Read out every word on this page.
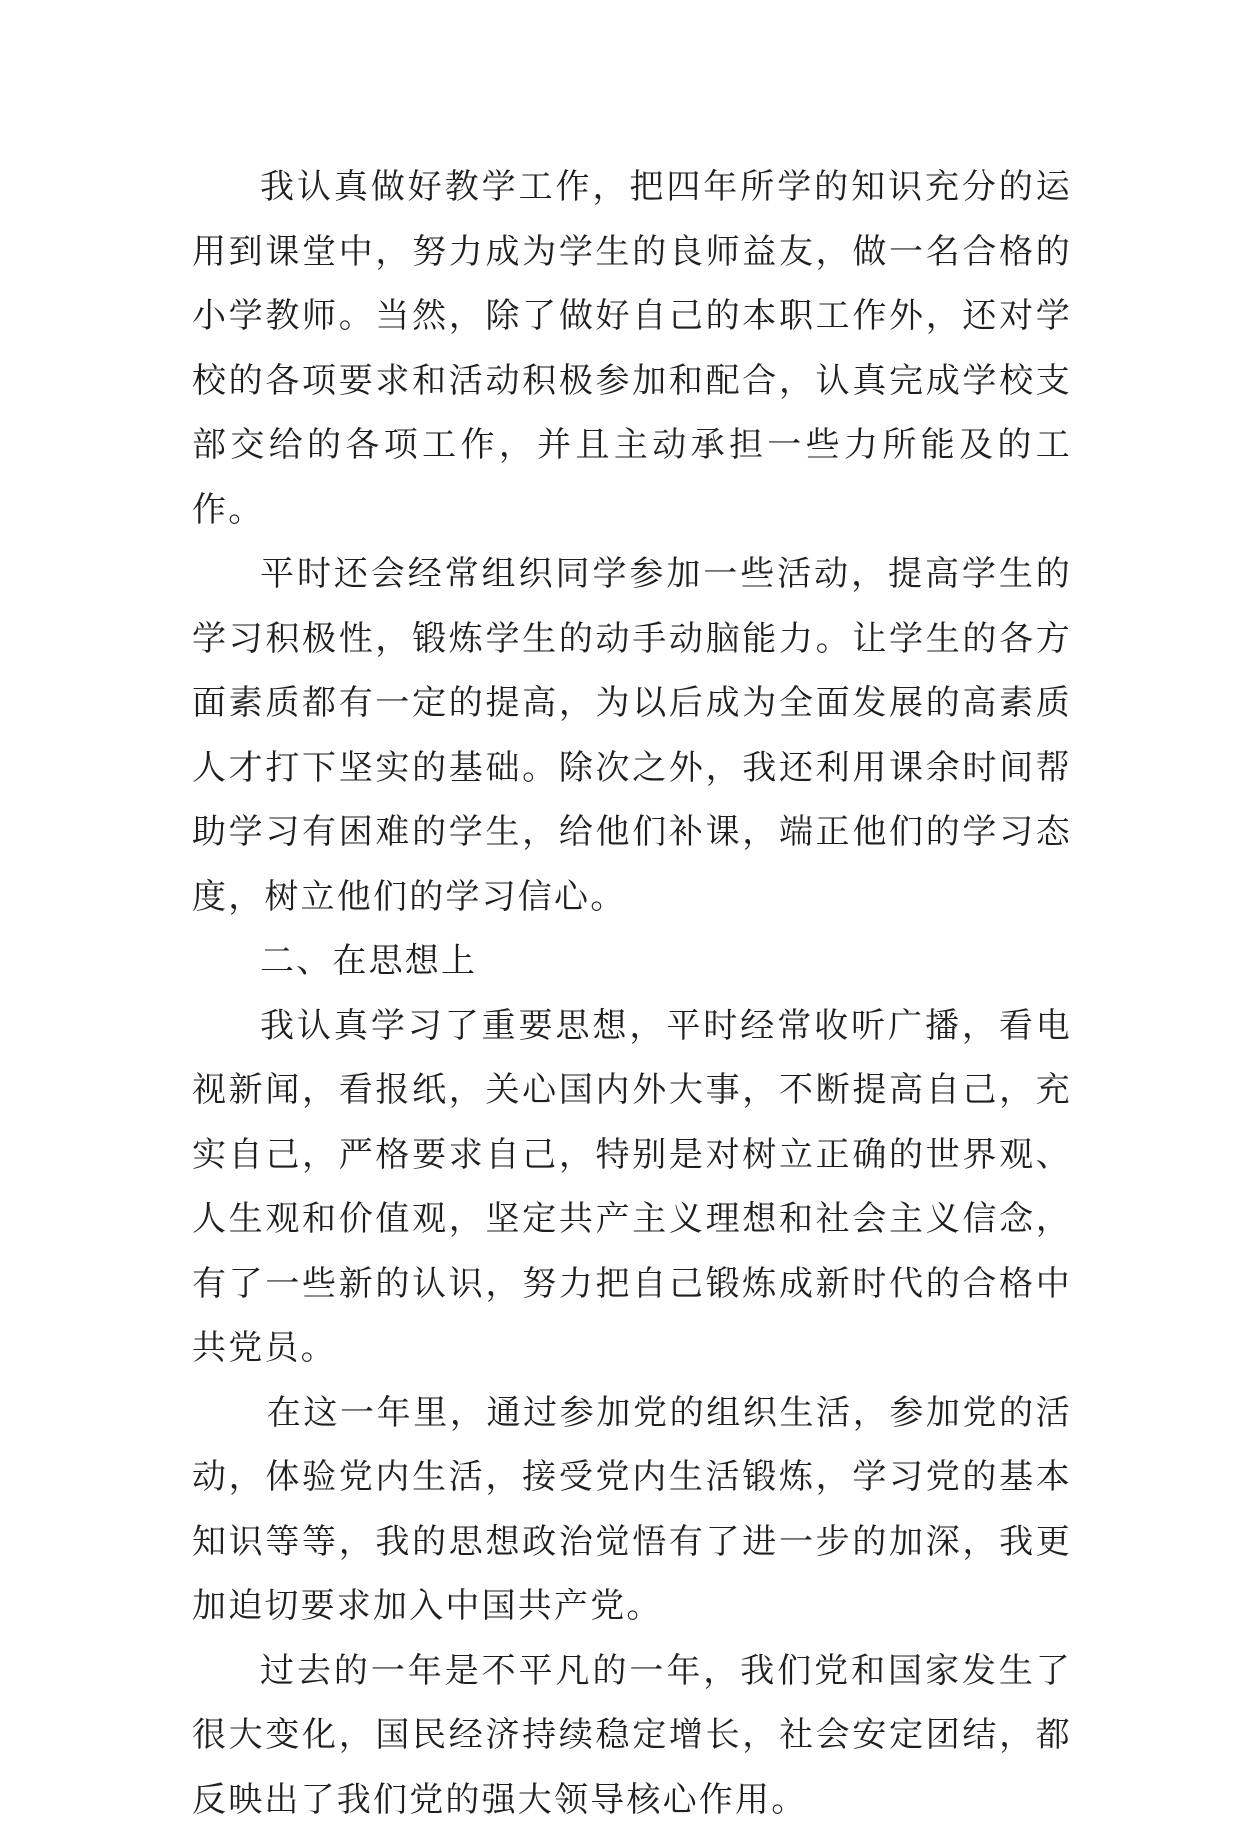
我认真做好教学工作，把四年所学的知识充分的运用到课堂中，努力成为学生的良师益友，做一名合格的小学教师。当然，除了做好自己的本职工作外，还对学校的各项要求和活动积极参加和配合，认真完成学校支部交给的各项工作，并且主动承担一些力所能及的工作。

平时还会经常组织同学参加一些活动，提高学生的学习积极性，锻炼学生的动手动脑能力。让学生的各方面素质都有一定的提高，为以后成为全面发展的高素质人才打下坚实的基础。除次之外，我还利用课余时间帮助学习有困难的学生，给他们补课，端正他们的学习态度，树立他们的学习信心。

二、在思想上

我认真学习了重要思想，平时经常收听广播，看电视新闻，看报纸，关心国内外大事，不断提高自己，充实自己，严格要求自己，特别是对树立正确的世界观、人生观和价值观，坚定共产主义理想和社会主义信念，有了一些新的认识，努力把自己锻炼成新时代的合格中共党员。

在这一年里，通过参加党的组织生活，参加党的活动，体验党内生活，接受党内生活锻炼，学习党的基本知识等等，我的思想政治觉悟有了进一步的加深，我更加迫切要求加入中国共产党。

过去的一年是不平凡的一年，我们党和国家发生了很大变化，国民经济持续稳定增长，社会安定团结，都反映出了我们党的强大领导核心作用。
